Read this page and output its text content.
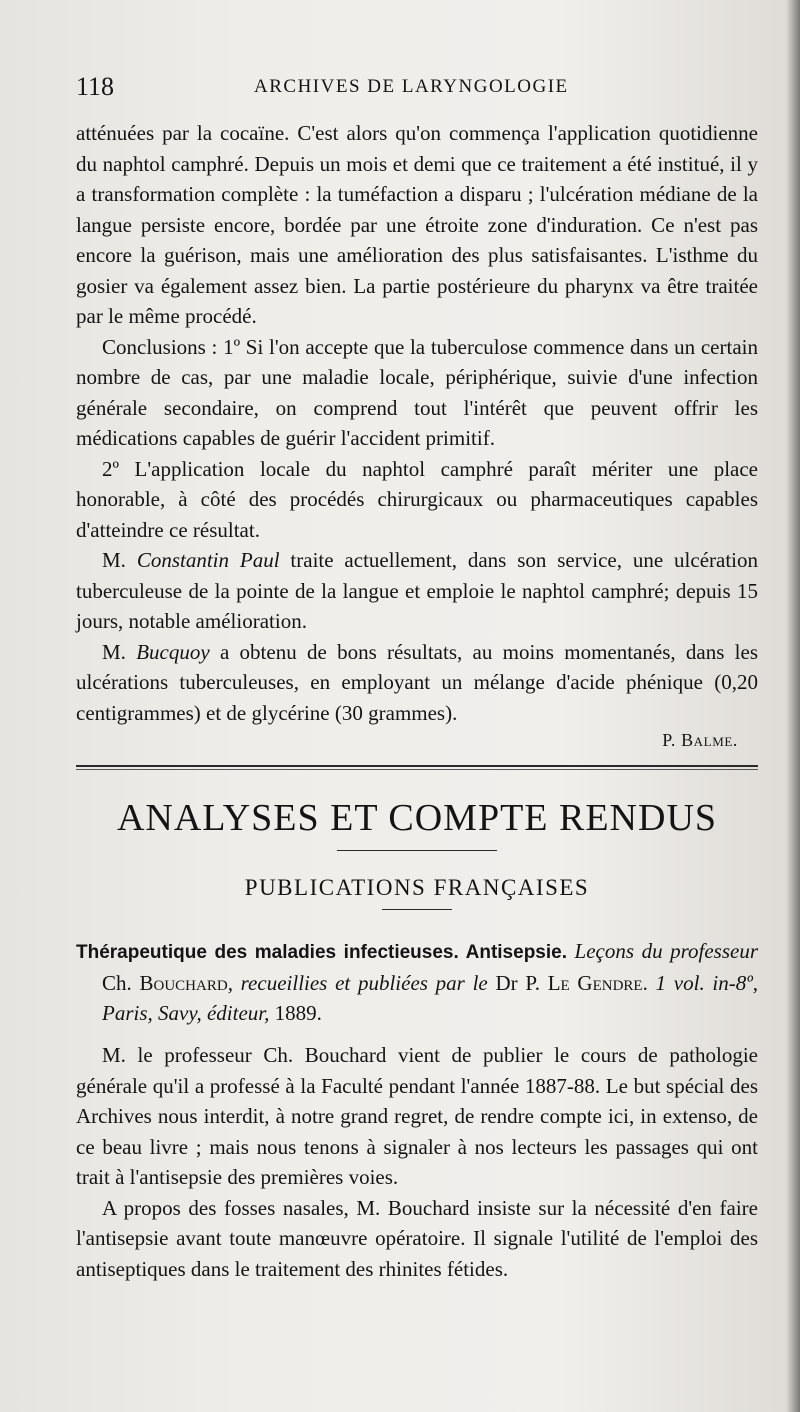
118	ARCHIVES DE LARYNGOLOGIE

atténuées par la cocaïne. C'est alors qu'on commença l'application quotidienne du naphtol camphré. Depuis un mois et demi que ce traitement a été institué, il y a transformation complète : la tuméfaction a disparu ; l'ulcération médiane de la langue persiste encore, bordée par une étroite zone d'induration. Ce n'est pas encore la guérison, mais une amélioration des plus satisfaisantes. L'isthme du gosier va également assez bien. La partie postérieure du pharynx va être traitée par le même procédé.

Conclusions : 1º Si l'on accepte que la tuberculose commence dans un certain nombre de cas, par une maladie locale, périphérique, suivie d'une infection générale secondaire, on comprend tout l'intérêt que peuvent offrir les médications capables de guérir l'accident primitif.

2º L'application locale du naphtol camphré paraît mériter une place honorable, à côté des procédés chirurgicaux ou pharmaceutiques capables d'atteindre ce résultat.

M. Constantin Paul traite actuellement, dans son service, une ulcération tuberculeuse de la pointe de la langue et emploie le naphtol camphré; depuis 15 jours, notable amélioration.

M. Bucquoy a obtenu de bons résultats, au moins momentanés, dans les ulcérations tuberculeuses, en employant un mélange d'acide phénique (0,20 centigrammes) et de glycérine (30 grammes).

P. Balme.

ANALYSES ET COMPTE RENDUS
PUBLICATIONS FRANÇAISES

Thérapeutique des maladies infectieuses. Antisepsie. Leçons du professeur Ch. Bouchard, recueillies et publiées par le Dr P. Le Gendre. 1 vol. in-8º, Paris, Savy, éditeur, 1889.

M. le professeur Ch. Bouchard vient de publier le cours de pathologie générale qu'il a professé à la Faculté pendant l'année 1887-88. Le but spécial des Archives nous interdit, à notre grand regret, de rendre compte ici, in extenso, de ce beau livre ; mais nous tenons à signaler à nos lecteurs les passages qui ont trait à l'antisepsie des premières voies.

A propos des fosses nasales, M. Bouchard insiste sur la nécessité d'en faire l'antisepsie avant toute manœuvre opératoire. Il signale l'utilité de l'emploi des antiseptiques dans le traitement des rhinites fétides.
